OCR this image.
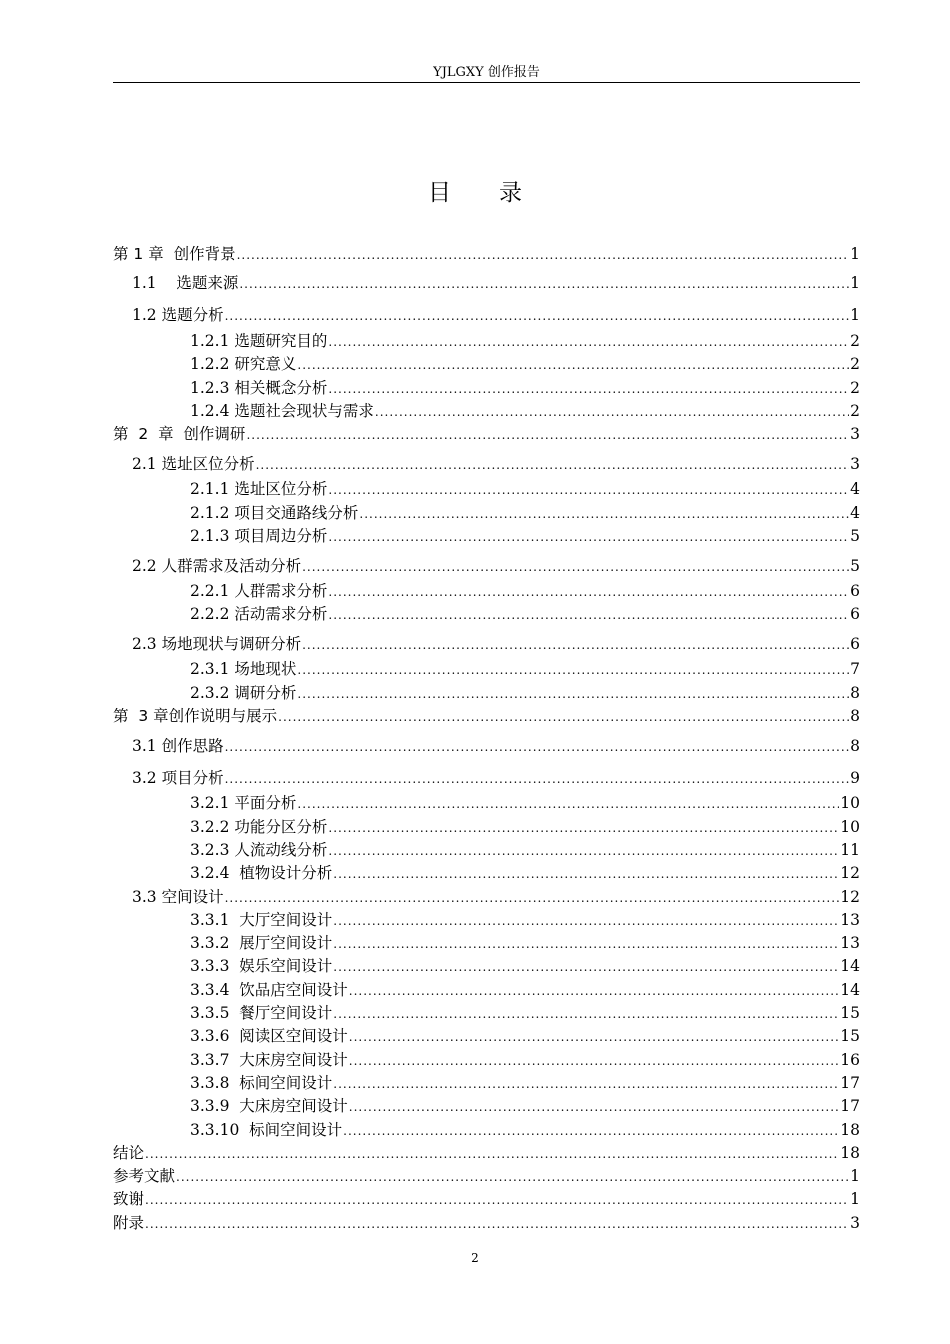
YJLGXY 创作报告
目录
第 1 章  创作背景 .....	1
1.1    选题来源 .....	1
1.2 选题分析 .....	1
1.2.1 选题研究目的 .....	2
1.2.2 研究意义 .....	2
1.2.3 相关概念分析 .....	2
1.2.4 选题社会现状与需求 .....	2
第  2  章  创作调研 .....	3
2.1 选址区位分析 .....	3
2.1.1 选址区位分析 .....	4
2.1.2 项目交通路线分析 .....	4
2.1.3 项目周边分析 .....	5
2.2 人群需求及活动分析 .....	5
2.2.1 人群需求分析 .....	6
2.2.2 活动需求分析 .....	6
2.3 场地现状与调研分析 .....	6
2.3.1 场地现状 .....	7
2.3.2 调研分析 .....	8
第  3 章创作说明与展示 .....	8
3.1 创作思路 .....	8
3.2 项目分析 .....	9
3.2.1 平面分析 .....	10
3.2.2 功能分区分析 .....	10
3.2.3 人流动线分析 .....	11
3.2.4  植物设计分析 .....	12
3.3 空间设计 .....	12
3.3.1  大厅空间设计 .....	13
3.3.2  展厅空间设计 .....	13
3.3.3  娱乐空间设计 .....	14
3.3.4  饮品店空间设计 .....	14
3.3.5  餐厅空间设计 .....	15
3.3.6  阅读区空间设计 .....	15
3.3.7  大床房空间设计 .....	16
3.3.8  标间空间设计 .....	17
3.3.9  大床房空间设计 .....	17
3.3.10  标间空间设计 .....	18
结论 .....	18
参考文献 .....	1
致谢 .....	1
附录 .....	3
2
